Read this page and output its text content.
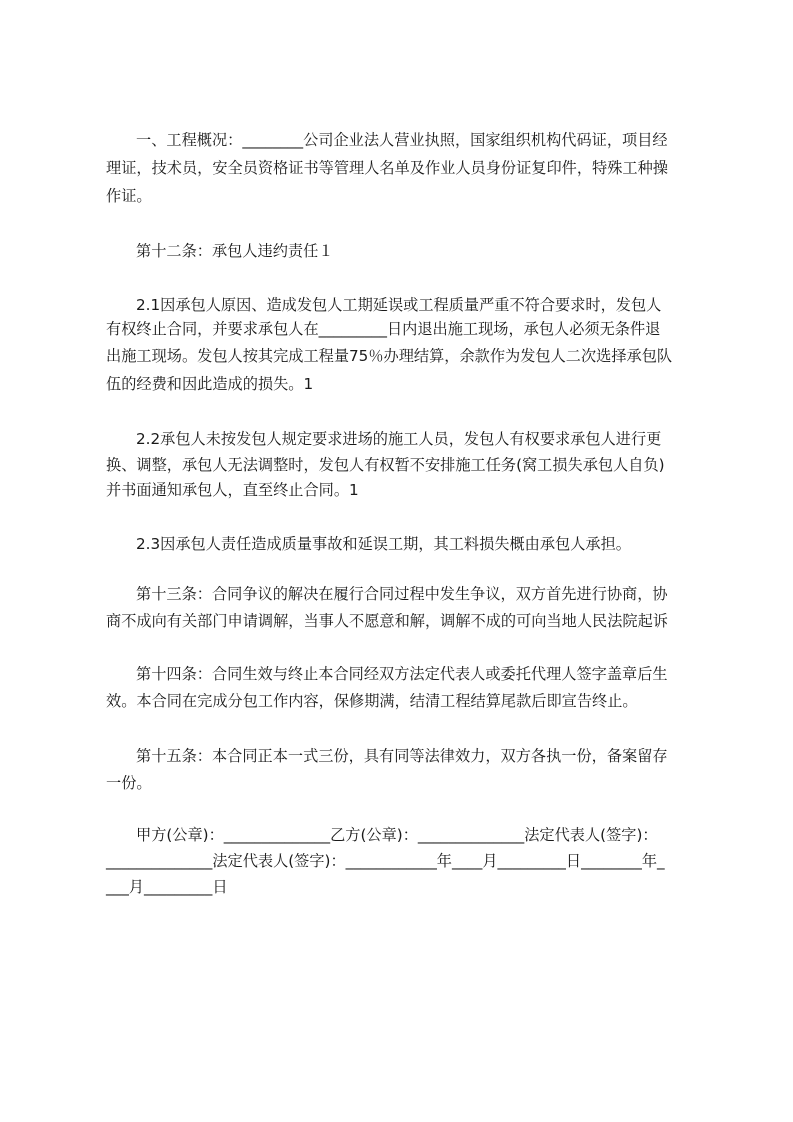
一、工程概况：________公司企业法人营业执照，国家组织机构代码证，项目经

理证，技术员，安全员资格证书等管理人名单及作业人员身份证复印件，特殊工种操

作证。

第十二条：承包人违约责任１

2.1因承包人原因、造成发包人工期延误或工程质量严重不符合要求时，发包人

有权终止合同，并要求承包人在_________日内退出施工现场，承包人必须无条件退

出施工现场。发包人按其完成工程量75％办理结算，余款作为发包人二次选择承包队

伍的经费和因此造成的损失。1

2.2承包人未按发包人规定要求进场的施工人员，发包人有权要求承包人进行更

换、调整，承包人无法调整时，发包人有权暂不安排施工任务(窝工损失承包人自负)

并书面通知承包人，直至终止合同。1

2.3因承包人责任造成质量事故和延误工期，其工料损失概由承包人承担。

第十三条：合同争议的解决在履行合同过程中发生争议，双方首先进行协商，协

商不成向有关部门申请调解，当事人不愿意和解，调解不成的可向当地人民法院起诉

第十四条：合同生效与终止本合同经双方法定代表人或委托代理人签字盖章后生

效。本合同在完成分包工作内容，保修期满，结清工程结算尾款后即宣告终止。

第十五条：本合同正本一式三份，具有同等法律效力，双方各执一份，备案留存

一份。

甲方(公章)：______________乙方(公章)：______________法定代表人(签字)：

______________法定代表人(签字)：____________年____月_________日________年_

___月_________日
